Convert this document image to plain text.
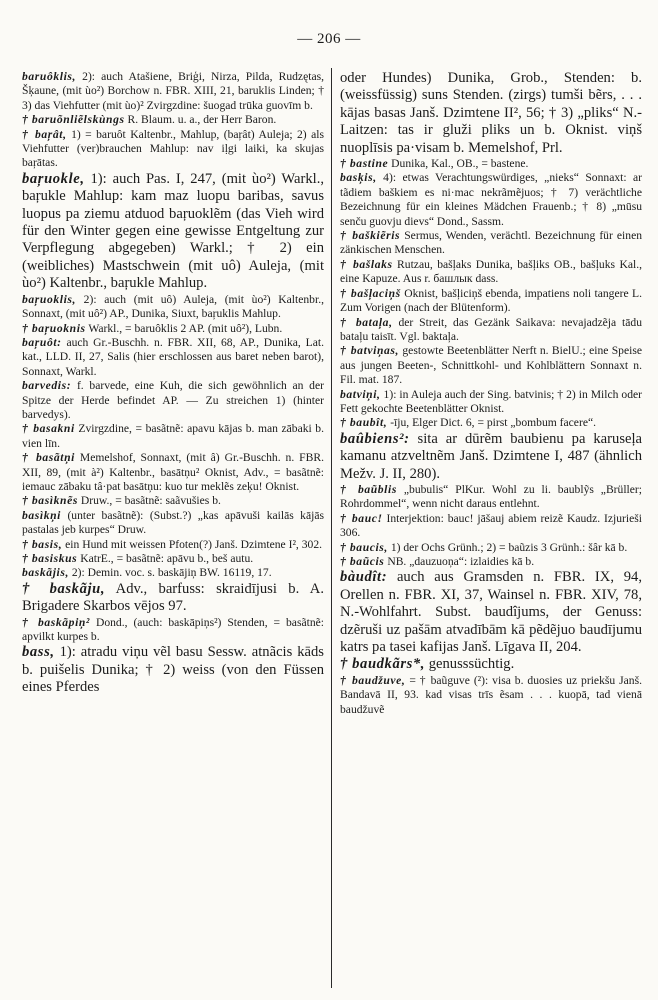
— 206 —

baruôklis, 2): auch Atašiene, Briģi, Nirza, Pilda, Rudzętas, Šķaune, (mit ùo²) Borchow n. FBR. XIII, 21, baruklis Linden; † 3) das Viehfutter (mit ùo)² Zvirgzdine: šuogad trūka guovīm b.

† baruõnliẽlskùngs R. Blaum. u. a., der Herr Baron.

† baŗât, 1) = baruôt Kaltenbr., Mahlup, (baŗât) Auleja; 2) als Viehfutter (ver)brauchen Mahlup: nav iḷgi laiki, ka skujas baŗātas.

baŗuokle, 1): auch Pas. I, 247, (mit ùo²) Warkl., baŗukle Mahlup: kam maz luopu baribas, savus luopus pa ziemu atduod baŗuoklẽm (das Vieh wird für den Winter gegen eine gewisse Entgeltung zur Verpflegung abgegeben) Warkl.; † 2) ein (weibliches) Mastschwein (mit uô) Auleja, (mit ùo²) Kaltenbr., baŗukle Mahlup.

baŗuoklis, 2): auch (mit uô) Auleja, (mit ùo²) Kaltenbr., Sonnaxt, (mit uô²) AP., Dunika, Siuxt, baŗuklis Mahlup.

† baŗuoknis Warkl., = baruôklis 2 AP. (mit uô²), Lubn.

baŗuôt: auch Gr.-Buschh. n. FBR. XII, 68, AP., Dunika, Lat. kat., LLD. II, 27, Salis (hier erschlossen aus baret neben barot), Sonnaxt, Warkl.

barvedis: f. barvede, eine Kuh, die sich gewöhnlich an der Spitze der Herde befindet AP. — Zu streichen 1) (hinter barvedys).

† basakni Zvirgzdine, = basãtnẽ: apavu kājas b. man zābaki b. vien līn.

† basãtņi Memelshof, Sonnaxt, (mit â) Gr.-Buschh. n. FBR. XII, 89, (mit à²) Kaltenbr., basātņu² Oknist, Adv., = basãtnẽ: iemauc zābaku tâ·pat basātņu: kuo tur meklẽs zeķu! Oknist.

† basìknẽs Druw., = basãtnẽ: saãvušies b.

basìkņi (unter basãtnẽ): (Subst.?) „kas apāvuši kailās kājās pastalas jeb kurpes“ Druw.

† basis, ein Hund mit weissen Pfoten(?) Janš. Dzimtene I², 302.

† basiskus KatrE., = basãtnẽ: apāvu b., beš autu.

baskãjis, 2): Demin. voc. s. baskājiņ BW. 16119, 17.

† baskãju, Adv., barfuss: skraidījusi b. A. Brigadere Skarbos vējos 97.

† baskãpiņ² Dond., (auch: baskāpiņs²) Stenden, = basãtnẽ: apvilkt kurpes b.

bass, 1): atradu viņu vẽl basu Sessw. atnãcis kāds b. puišelis Dunika; † 2) weiss (von den Füssen eines Pferdes

oder Hundes) Dunika, Grob., Stenden: b. (weissfüssig) suns Stenden. (zirgs) tumši bẽrs, . . . kājas basas Janš. Dzimtene II², 56; † 3) „pliks“ N.-Laitzen: tas ir gluži pliks un b. Oknist. viņš nuoplīsis pa·visam b. Memelshof, Prl.

† bastine Dunika, Kal., OB., = bastene.

basķis, 4): etwas Verachtungswürdiges, „nieks“ Sonnaxt: ar tãdiem baškiem es ni·mac nekrãmẽjuos; † 7) verächtliche Bezeichnung für ein kleines Mädchen Frauenb.; † 8) „mūsu senču guovju dievs“ Dond., Sassm.

† baškiẽris Sermus, Wenden, verächtl. Bezeichnung für einen zänkischen Menschen.

† bašlaks Rutzau, bašļaks Dunika, bašļiks OB., bašļuks Kal., eine Kapuze. Aus r. башлык dass.

† bašļaciņš Oknist, bašļiciņš ebenda, impatiens noli tangere L. Zum Vorigen (nach der Blütenform).

† bataļa, der Streit, das Gezänk Saikava: nevajadzẽja tādu bataļu taisīt. Vgl. baktaļa.

† batviņas, gestowte Beetenblätter Nerft n. BielU.; eine Speise aus jungen Beeten-, Schnittkohl- und Kohlblättern Sonnaxt n. Fil. mat. 187.

batviņi, 1): in Auleja auch der Sing. batvinis; † 2) in Milch oder Fett gekochte Beetenblätter Oknist.

† baubît, -īju, Elger Dict. 6, = pirst „bombum facere“.

baûbiens²: sita ar dūrẽm baubienu pa karuseļa kamanu atzveltnẽm Janš. Dzimtene I, 487 (ähnlich Mežv. J. II, 280).

† baũblis „bubulis“ PlKur. Wohl zu li. baublỹs „Brüller; Rohrdommel“, wenn nicht daraus entlehnt.

† bauc! Interjektion: bauc! jāšauj abiem reizẽ Kaudz. Izjurieši 306.

† baucis, 1) der Ochs Grünh.; 2) = baũzis 3 Grünh.: šâr kā b.

† baũcis NB. „dauzuoņa“: izlaidies kā b.

bàudît: auch aus Gramsden n. FBR. IX, 94, Orellen n. FBR. XI, 37, Wainsel n. FBR. XIV, 78, N.-Wohlfahrt. Subst. baudîjums, der Genuss: dzẽruši uz pašām atvadībām kā pẽdẽjuo baudījumu katrs pa tasei kafijas Janš. Līgava II, 204.

† baudkãrs*, genusssüchtig.

† baudžuve, = † baũguve (²): visa b. duosies uz priekšu Janš. Bandavā II, 93. kad visas trīs ẽsam . . . kuopā, tad vienā baudžuvẽ
